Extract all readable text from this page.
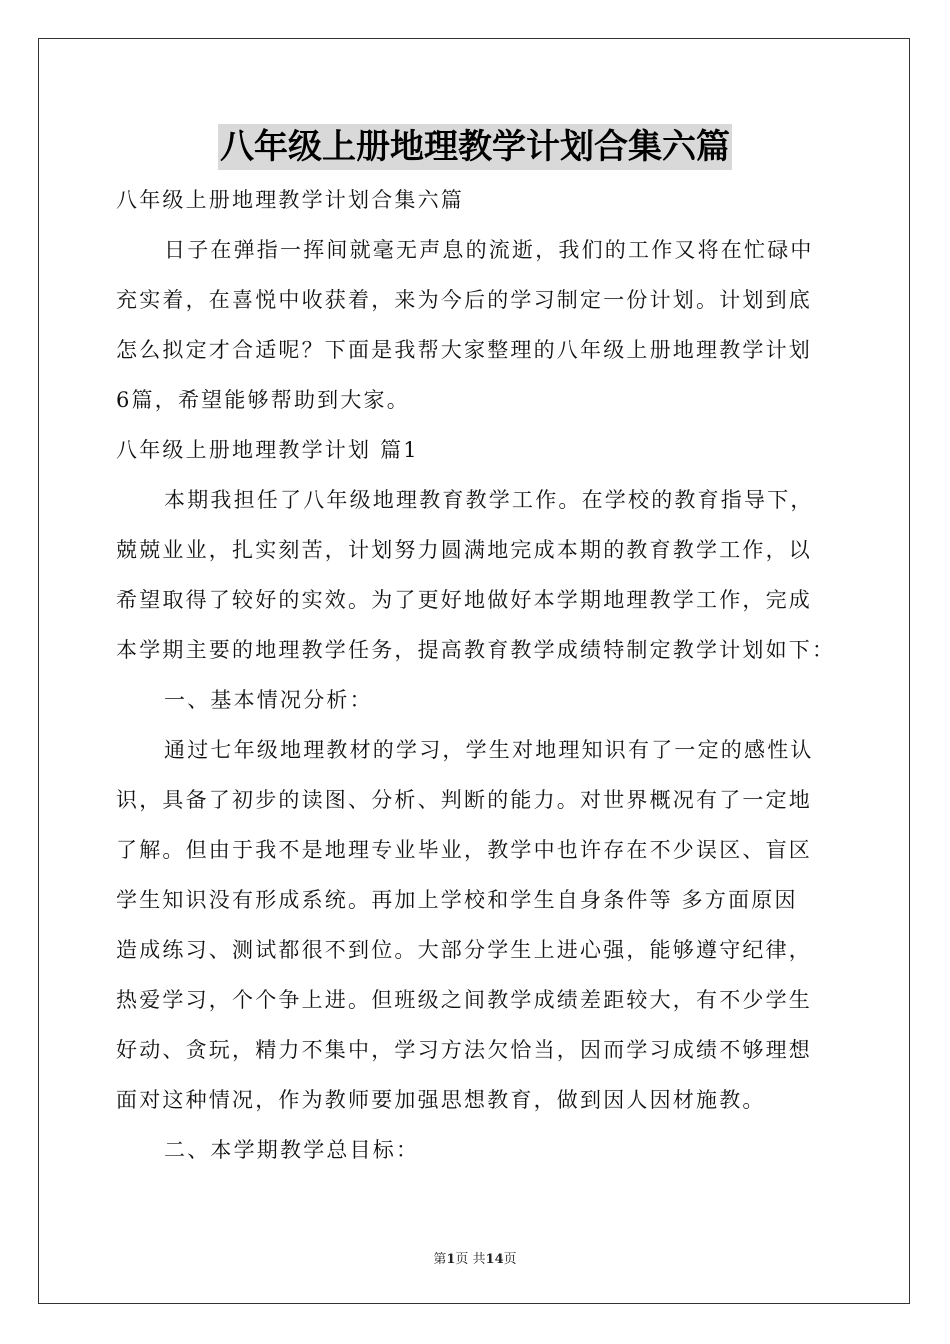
八年级上册地理教学计划合集六篇
八年级上册地理教学计划合集六篇
日子在弹指一挥间就毫无声息的流逝，我们的工作又将在忙碌中
充实着，在喜悦中收获着，来为今后的学习制定一份计划。计划到底
怎么拟定才合适呢？下面是我帮大家整理的八年级上册地理教学计划
6篇，希望能够帮助到大家。
八年级上册地理教学计划 篇1
本期我担任了八年级地理教育教学工作。在学校的教育指导下，
兢兢业业，扎实刻苦，计划努力圆满地完成本期的教育教学工作，以
希望取得了较好的实效。为了更好地做好本学期地理教学工作，完成
本学期主要的地理教学任务，提高教育教学成绩特制定教学计划如下：
一、基本情况分析：
通过七年级地理教材的学习，学生对地理知识有了一定的感性认
识，具备了初步的读图、分析、判断的能力。对世界概况有了一定地
了解。但由于我不是地理专业毕业，教学中也许存在不少误区、盲区
学生知识没有形成系统。再加上学校和学生自身条件等 多方面原因
造成练习、测试都很不到位。大部分学生上进心强，能够遵守纪律，
热爱学习，个个争上进。但班级之间教学成绩差距较大，有不少学生
好动、贪玩，精力不集中，学习方法欠恰当，因而学习成绩不够理想
面对这种情况，作为教师要加强思想教育，做到因人因材施教。
二、本学期教学总目标：
第1页 共14页
